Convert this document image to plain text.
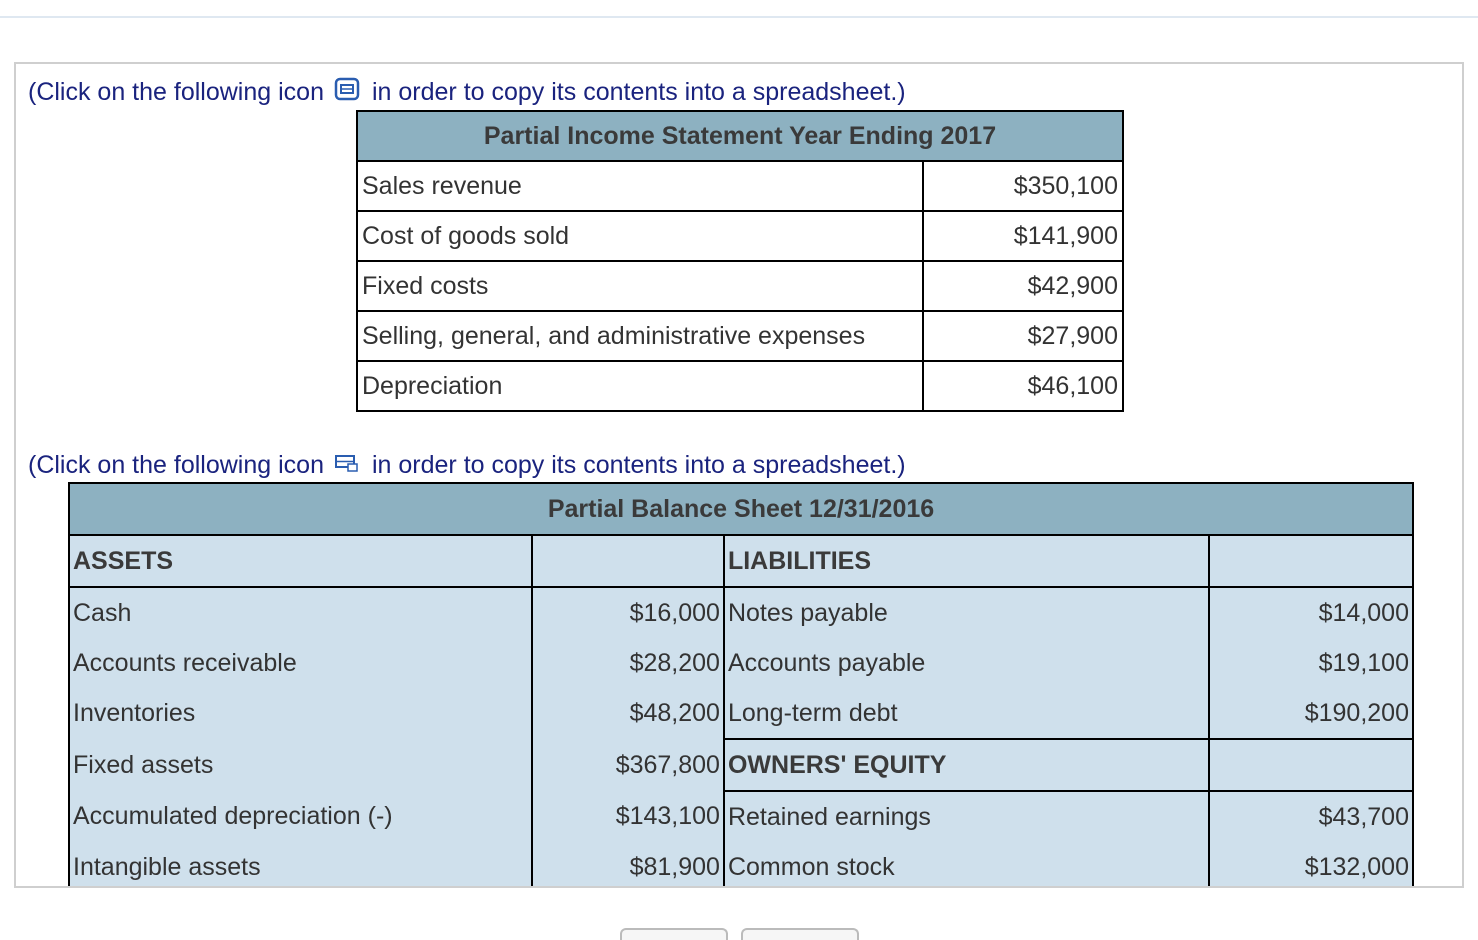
(Click on the following icon in order to copy its contents into a spreadsheet.)
Partial Income Statement Year Ending 2017	
Sales revenue	$350,100
Cost of goods sold	$141,900
Fixed costs	$42,900
Selling, general, and administrative expenses	$27,900
Depreciation	$46,100
(Click on the following icon in order to copy its contents into a spreadsheet.)
Partial Balance Sheet 12/31/2016			
ASSETS		LIABILITIES	
Cash	$16,000	Notes payable	$14,000
Accounts receivable	$28,200	Accounts payable	$19,100
Inventories	$48,200	Long-term debt	$190,200
Fixed assets	$367,800	OWNERS' EQUITY	
Accumulated depreciation (-)	$143,100	Retained earnings	$43,700
Intangible assets	$81,900	Common stock	$132,000
